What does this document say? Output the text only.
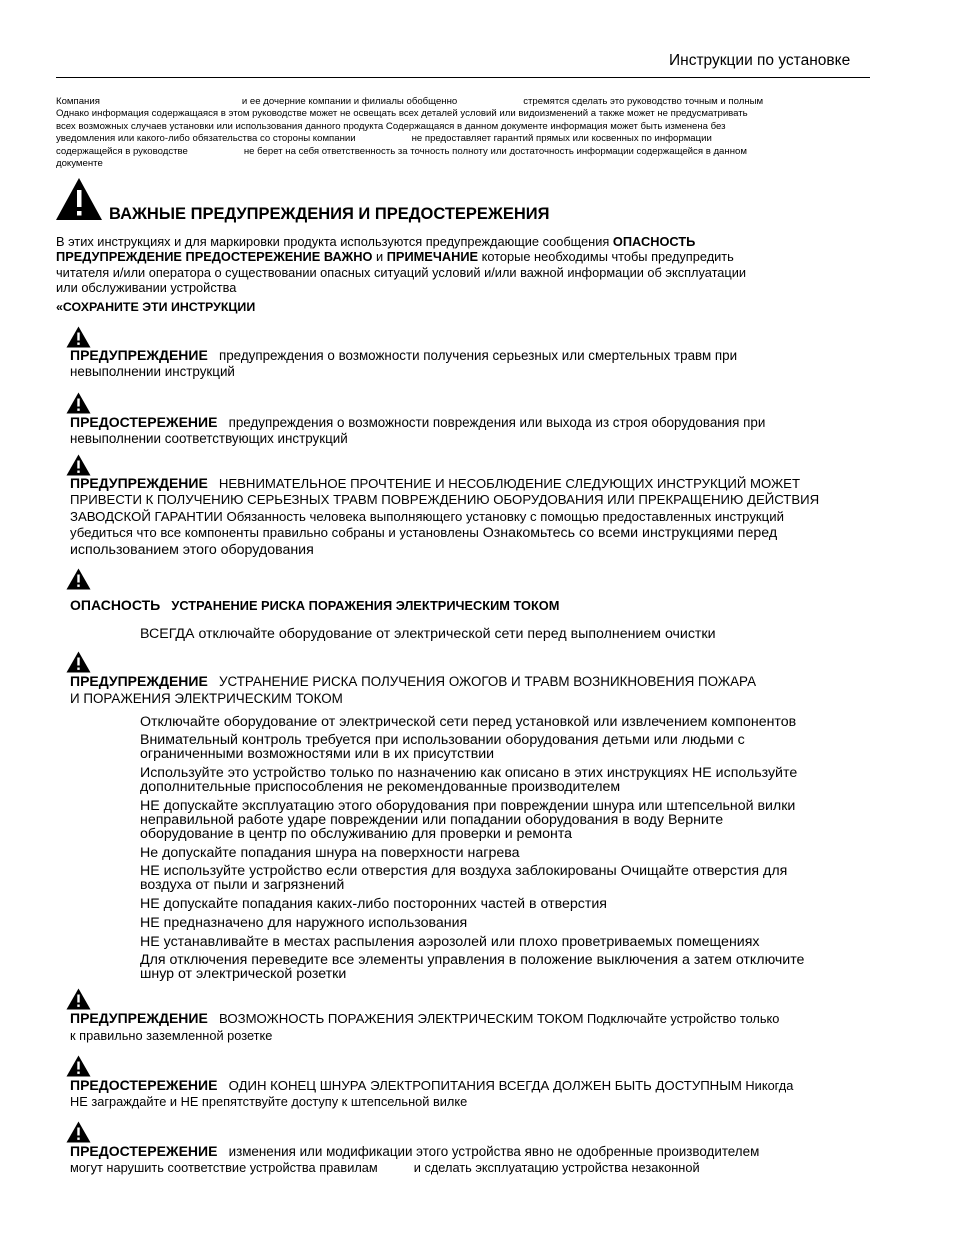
Инструкции по установке
Компания	и ее дочерние компании и филиалы обобщенно	стремятся сделать это руководство точным и полным
Однако информация содержащаяся в этом руководстве может не освещать всех деталей условий или видоизменений а также может не предусматривать
всех возможных случаев установки или использования данного продукта Содержащаяся в данном документе информация может быть изменена без
уведомления или какого-либо обязательства со стороны компании	не предоставляет гарантий прямых или косвенных по информации
содержащейся в руководстве	не берет на себя ответственность за точность полноту или достаточность информации содержащейся в данном
документе
ВАЖНЫЕ ПРЕДУПРЕЖДЕНИЯ И ПРЕДОСТЕРЕЖЕНИЯ
В этих инструкциях и для маркировки продукта используются предупреждающие сообщения ОПАСНОСТЬ
ПРЕДУПРЕЖДЕНИЕ ПРЕДОСТЕРЕЖЕНИЕ ВАЖНО и ПРИМЕЧАНИЕ которые необходимы чтобы предупредить
читателя и/или оператора о существовании опасных ситуаций условий и/или важной информации об эксплуатации
или обслуживании устройства
«СОХРАНИТЕ ЭТИ ИНСТРУКЦИИ
ПРЕДУПРЕЖДЕНИЕ предупреждения о возможности получения серьезных или смертельных травм при
невыполнении инструкций
ПРЕДОСТЕРЕЖЕНИЕ предупреждения о возможности повреждения или выхода из строя оборудования при
невыполнении соответствующих инструкций
ПРЕДУПРЕЖДЕНИЕ НЕВНИМАТЕЛЬНОЕ ПРОЧТЕНИЕ И НЕСОБЛЮДЕНИЕ СЛЕДУЮЩИХ ИНСТРУКЦИЙ МОЖЕТ
ПРИВЕСТИ К ПОЛУЧЕНИЮ СЕРЬЕЗНЫХ ТРАВМ ПОВРЕЖДЕНИЮ ОБОРУДОВАНИЯ ИЛИ ПРЕКРАЩЕНИЮ ДЕЙСТВИЯ
ЗАВОДСКОЙ ГАРАНТИИ Обязанность человека выполняющего установку с помощью предоставленных инструкций
убедиться что все компоненты правильно собраны и установлены Ознакомьтесь со всеми инструкциями перед
использованием этого оборудования
ОПАСНОСТЬ УСТРАНЕНИЕ РИСКА ПОРАЖЕНИЯ ЭЛЕКТРИЧЕСКИМ ТОКОМ
ВСЕГДА отключайте оборудование от электрической сети перед выполнением очистки
ПРЕДУПРЕЖДЕНИЕ УСТРАНЕНИЕ РИСКА ПОЛУЧЕНИЯ ОЖОГОВ И ТРАВМ ВОЗНИКНОВЕНИЯ ПОЖАРА
И ПОРАЖЕНИЯ ЭЛЕКТРИЧЕСКИМ ТОКОМ
Отключайте оборудование от электрической сети перед установкой или извлечением компонентов
Внимательный контроль требуется при использовании оборудования детьми или людьми с
ограниченными возможностями или в их присутствии
Используйте это устройство только по назначению как описано в этих инструкциях НЕ используйте
дополнительные приспособления не рекомендованные производителем
НЕ допускайте эксплуатацию этого оборудования при повреждении шнура или штепсельной вилки
неправильной работе ударе повреждении или попадании оборудования в воду Верните
оборудование в центр по обслуживанию для проверки и ремонта
Не допускайте попадания шнура на поверхности нагрева
НЕ используйте устройство если отверстия для воздуха заблокированы Очищайте отверстия для
воздуха от пыли и загрязнений
НЕ допускайте попадания каких-либо посторонних частей в отверстия
НЕ предназначено для наружного использования
НЕ устанавливайте в местах распыления аэрозолей или плохо проветриваемых помещениях
Для отключения переведите все элементы управления в положение выключения а затем отключите
шнур от электрической розетки
ПРЕДУПРЕЖДЕНИЕ ВОЗМОЖНОСТЬ ПОРАЖЕНИЯ ЭЛЕКТРИЧЕСКИМ ТОКОМ Подключайте устройство только
к правильно заземленной розетке
ПРЕДОСТЕРЕЖЕНИЕ ОДИН КОНЕЦ ШНУРА ЭЛЕКТРОПИТАНИЯ ВСЕГДА ДОЛЖЕН БЫТЬ ДОСТУПНЫМ Никогда
НЕ заграждайте и НЕ препятствуйте доступу к штепсельной вилке
ПРЕДОСТЕРЕЖЕНИЕ изменения или модификации этого устройства явно не одобренные производителем
могут нарушить соответствие устройства правилам	и сделать эксплуатацию устройства незаконной
